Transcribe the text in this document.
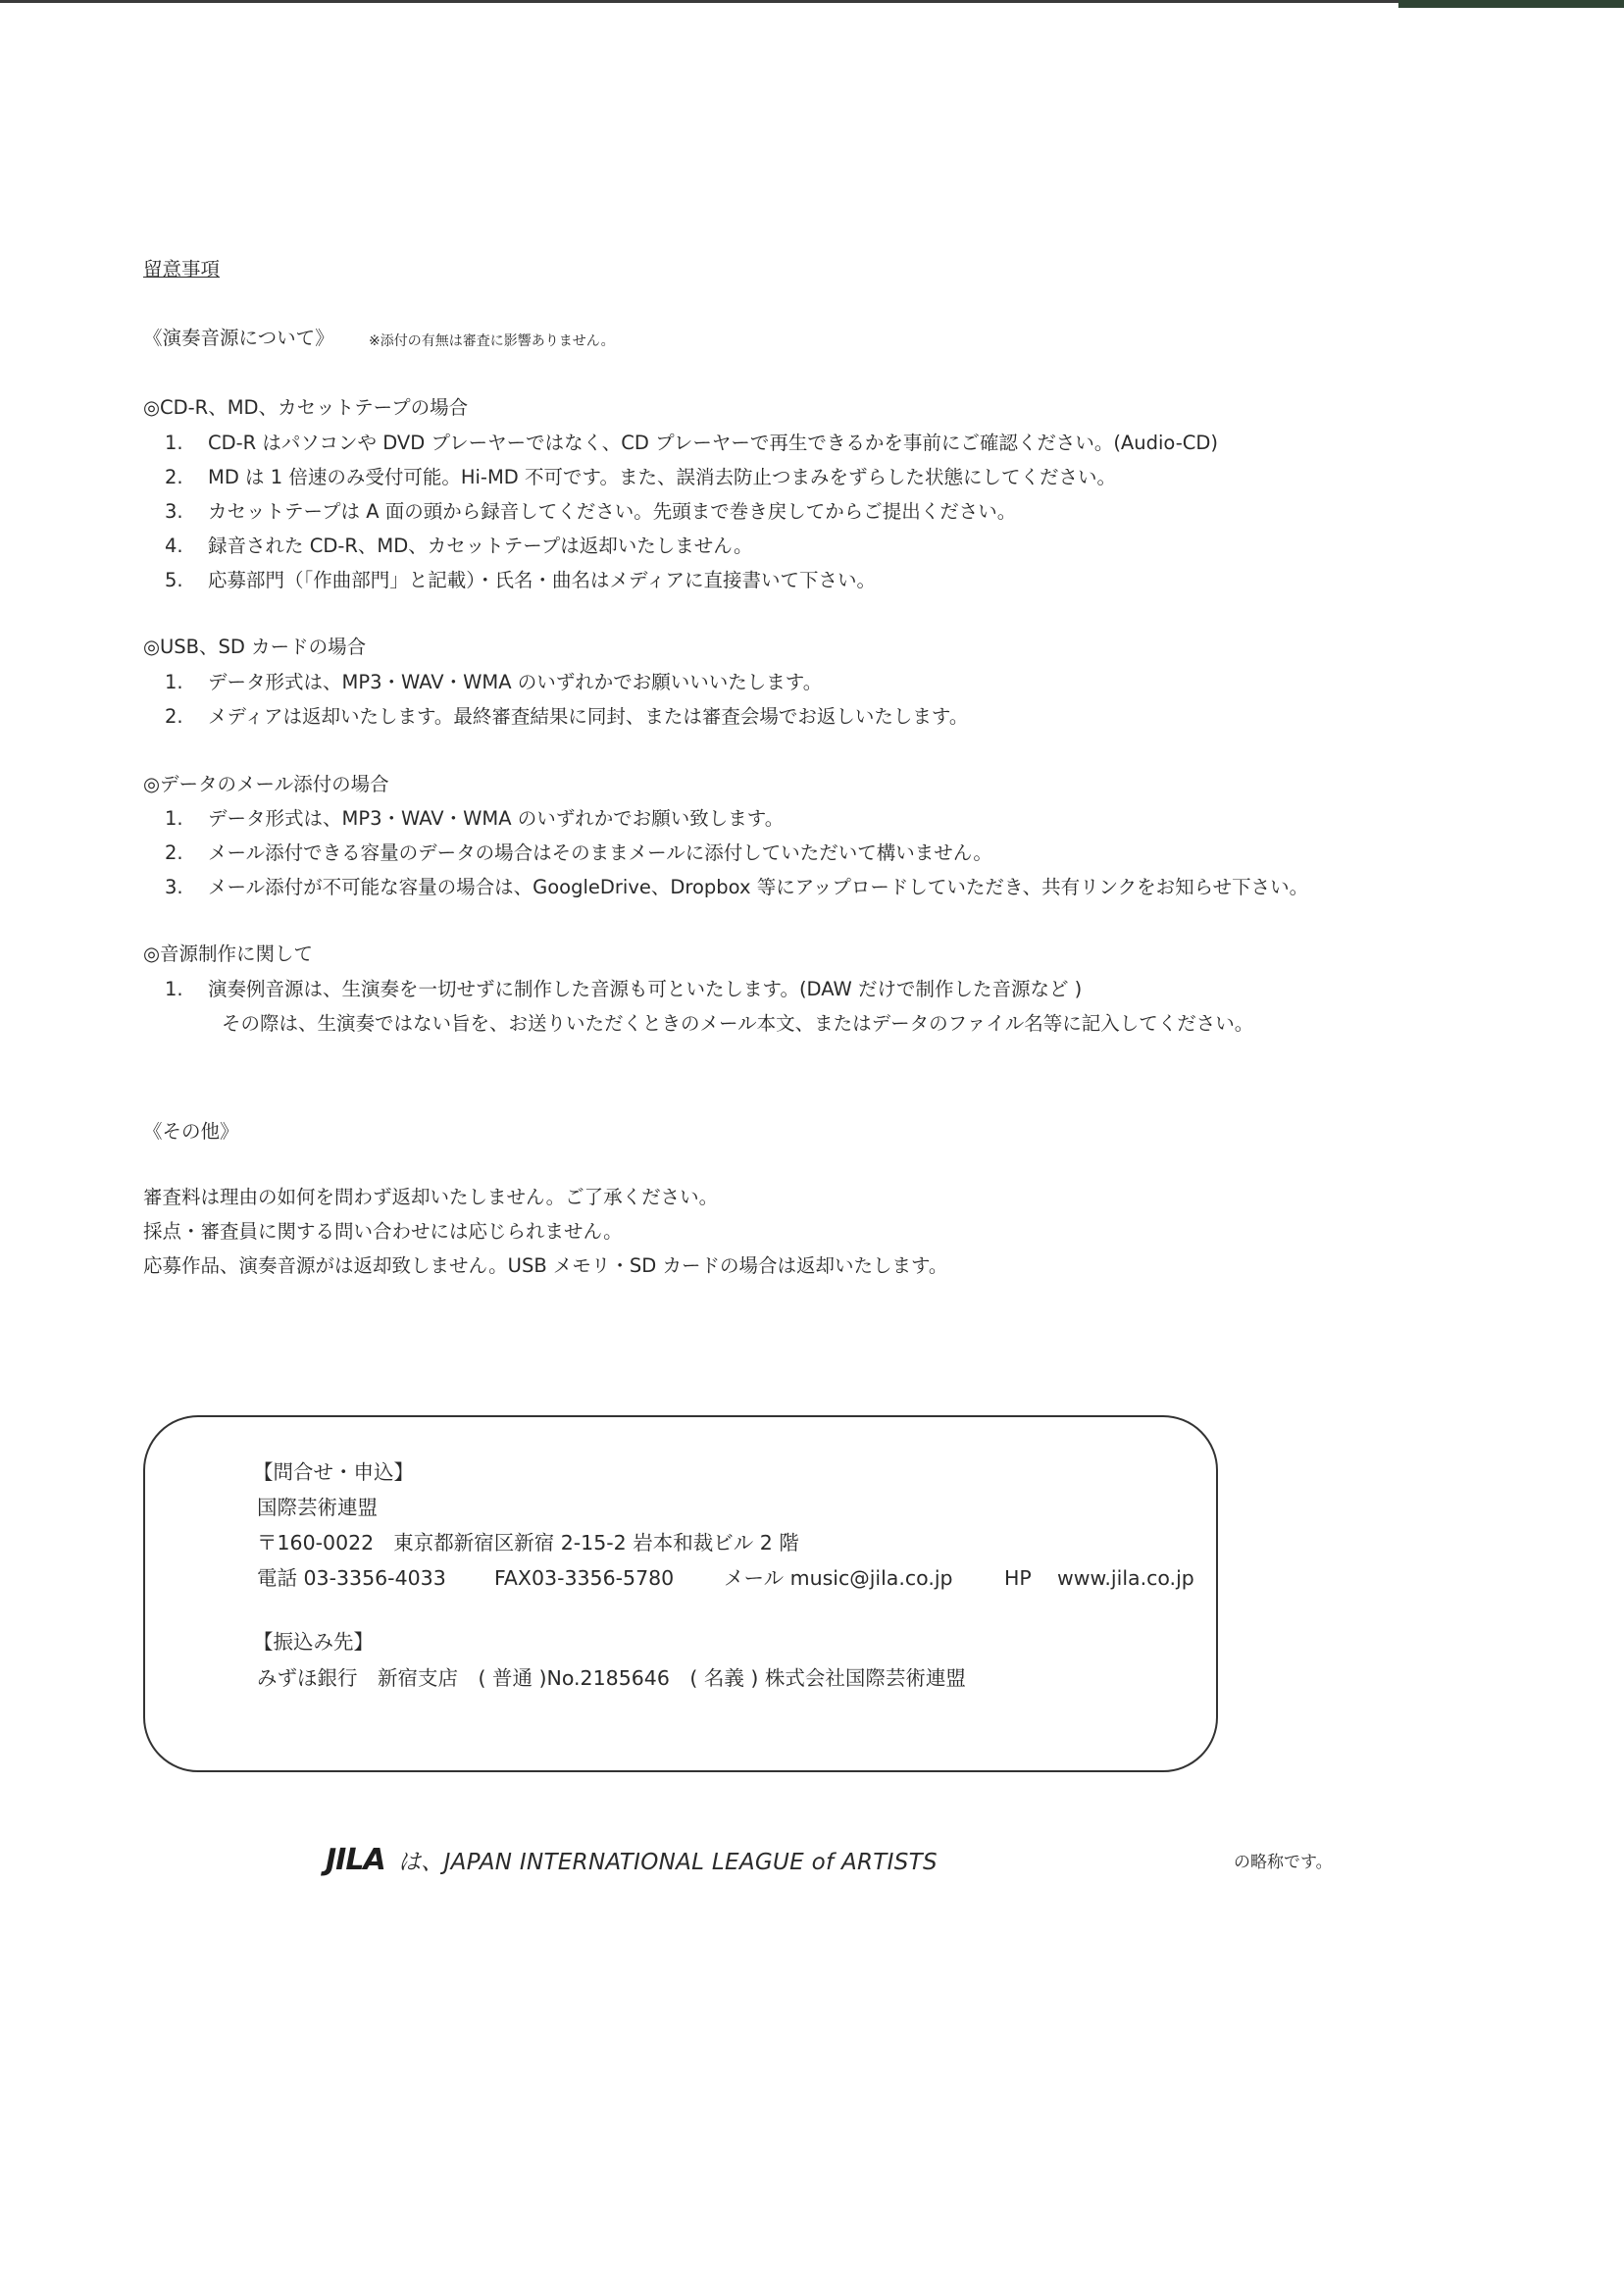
留意事項
《演奏音源について》	※添付の有無は審査に影響ありません。
◎CD-R、MD、カセットテープの場合
1. CD-R はパソコンや DVD プレーヤーではなく、CD プレーヤーで再生できるかを事前にご確認ください。(Audio-CD)
2. MD は 1 倍速のみ受付可能。Hi-MD 不可です。また、誤消去防止つまみをずらした状態にしてください。
3. カセットテープは A 面の頭から録音してください。先頭まで巻き戻してからご提出ください。
4. 録音された CD-R、MD、カセットテープは返却いたしません。
5. 応募部門（「作曲部門」と記載）・氏名・曲名はメディアに直接書いて下さい。
◎USB、SD カードの場合
1. データ形式は、MP3・WAV・WMA のいずれかでお願いいいたします。
2. メディアは返却いたします。最終審査結果に同封、または審査会場でお返しいたします。
◎データのメール添付の場合
1. データ形式は、MP3・WAV・WMA のいずれかでお願い致します。
2. メール添付できる容量のデータの場合はそのままメールに添付していただいて構いません。
3. メール添付が不可能な容量の場合は、GoogleDrive、Dropbox 等にアップロードしていただき、共有リンクをお知らせ下さい。
◎音源制作に関して
1. 演奏例音源は、生演奏を一切せずに制作した音源も可といたします。(DAW だけで制作した音源など )
その際は、生演奏ではない旨を、お送りいただくときのメール本文、またはデータのファイル名等に記入してください。
《その他》
審査料は理由の如何を問わず返却いたしません。ご了承ください。
採点・審査員に関する問い合わせには応じられません。
応募作品、演奏音源がは返却致しません。USB メモリ・SD カードの場合は返却いたします。
【問合せ・申込】
国際芸術連盟
〒160-0022 東京都新宿区新宿 2-15-2 岩本和裁ビル 2 階
電話 03-3356-4033 FAX03-3356-5780 メール music@jila.co.jp	HP www.jila.co.jp
【振込み先】
みずほ銀行　新宿支店　( 普通 )No.2185646　( 名義 ) 株式会社国際芸術連盟
JILA は、JAPAN INTERNATIONAL LEAGUE of ARTISTS	の略称です。
